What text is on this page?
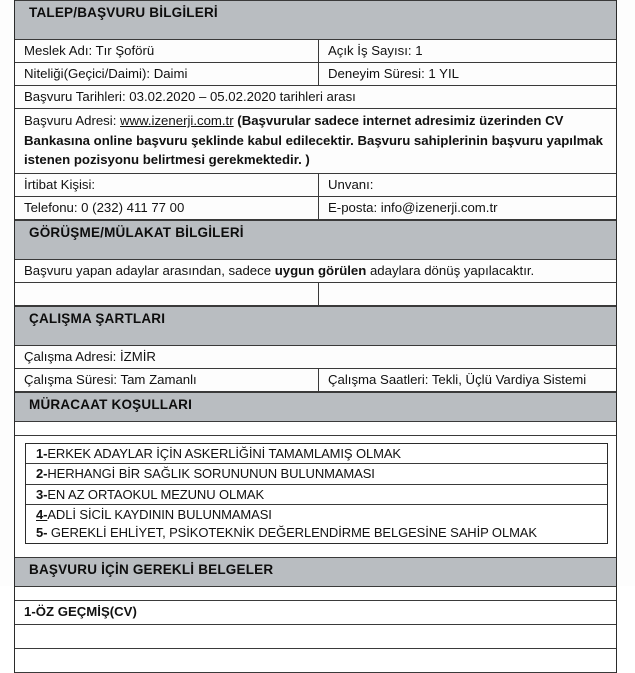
TALEP/BAŞVURU BİLGİLERİ
Meslek Adı: Tır Şoförü	Açık İş Sayısı: 1
Niteliği(Geçici/Daimi): Daimi	Deneyim Süresi: 1 YIL
Başvuru Tarihleri: 03.02.2020 – 05.02.2020 tarihleri arası
Başvuru Adresi: www.izenerji.com.tr (Başvurular sadece internet adresimiz üzerinden CV Bankasına online başvuru şeklinde kabul edilecektir. Başvuru sahiplerinin başvuru yapılmak istenen pozisyonu belirtmesi gerekmektedir. )
İrtibat Kişisi:	Unvanı:
Telefonu: 0 (232) 411 77 00	E-posta: info@izenerji.com.tr
GÖRÜŞME/MÜLAKAT BİLGİLERİ
Başvuru yapan adaylar arasından, sadece uygun görülen adaylara dönüş yapılacaktır.
ÇALIŞMA ŞARTLARI
Çalışma Adresi: İZMİR
Çalışma Süresi: Tam Zamanlı	Çalışma Saatleri: Tekli, Üçlü Vardiya Sistemi
MÜRACAAT KOŞULLARI
1-ERKEK ADAYLAR İÇİN ASKERLİĞİNİ TAMAMLAMIŞ OLMAK
2-HERHANGİ BİR SAĞLIK SORUNUNUN BULUNMAMASI
3-EN AZ ORTAOKUL MEZUNU OLMAK
4-ADLİ SİCİL KAYDININ BULUNMAMASI
5- GEREKLİ EHLİYET, PSİKOTEKNİK DEĞERLENDİRME BELGESİNE SAHİP OLMAK
BAŞVURU İÇİN GEREKLİ BELGELER
1-ÖZ GEÇMİŞ(CV)
